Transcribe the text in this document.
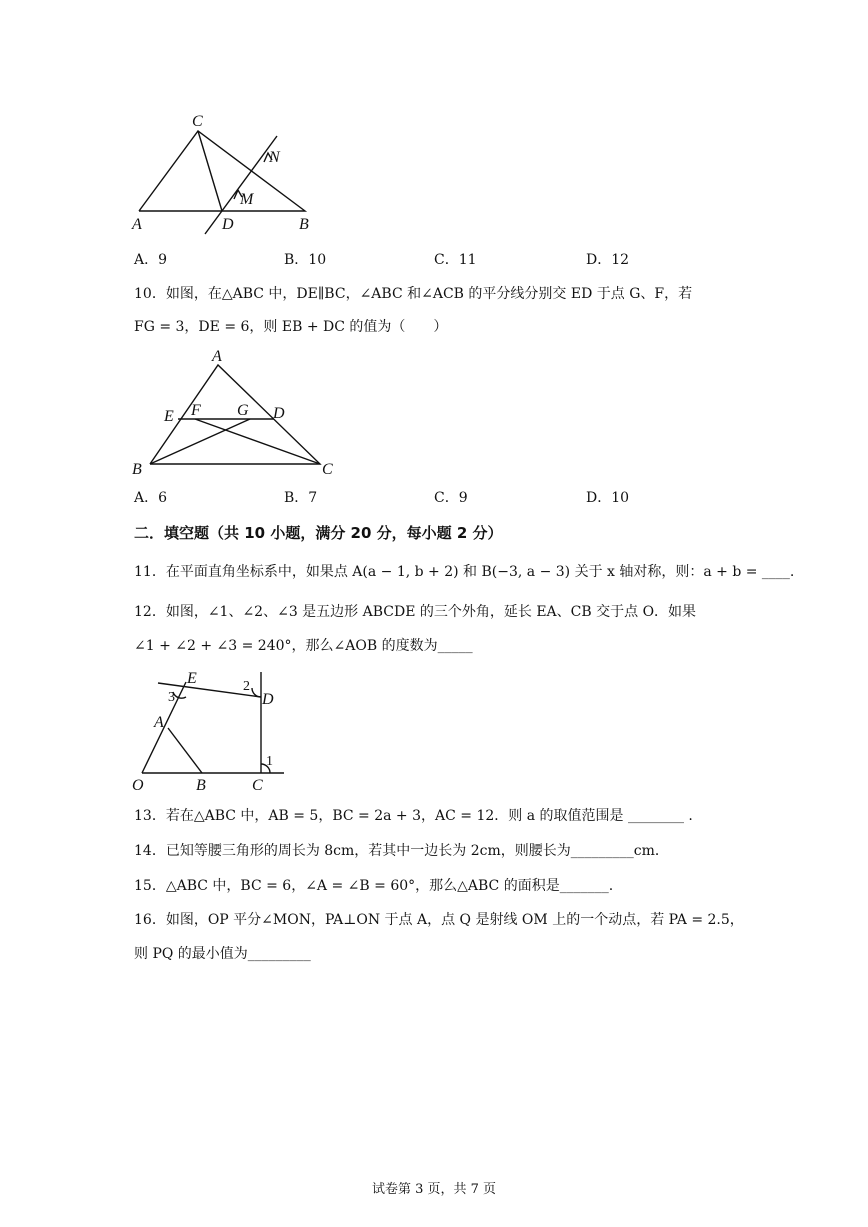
C
N
M
A	D	B
A．9	B．10	C．11	D．12
10．如图，在△ABC 中，DE∥BC，∠ABC 和∠ACB 的平分线分别交 ED 于点 G、F，若
FG = 3，DE = 6，则 EB + DC 的值为（　　）
A
E F G D
B	C
A．6	B．7	C．9	D．10
二．填空题（共 10 小题，满分 20 分，每小题 2 分）
11．在平面直角坐标系中，如果点 A(a − 1, b + 2) 和 B(−3, a − 3) 关于 x 轴对称，则：a + b = ____.
12．如图，∠1、∠2、∠3 是五边形 ABCDE 的三个外角，延长 EA、CB 交于点 O．如果
∠1 + ∠2 + ∠3 = 240°，那么∠AOB 的度数为_____
E
3
2
D
A
1
O	B	C
13．若在△ABC 中，AB = 5，BC = 2a + 3，AC = 12．则 a 的取值范围是 ________ .
14．已知等腰三角形的周长为 8cm，若其中一边长为 2cm，则腰长为_________cm．
15．△ABC 中，BC = 6，∠A = ∠B = 60°，那么△ABC 的面积是_______.
16．如图，OP 平分∠MON，PA⊥ON 于点 A，点 Q 是射线 OM 上的一个动点，若 PA = 2.5，
则 PQ 的最小值为_________
试卷第 3 页，共 7 页
